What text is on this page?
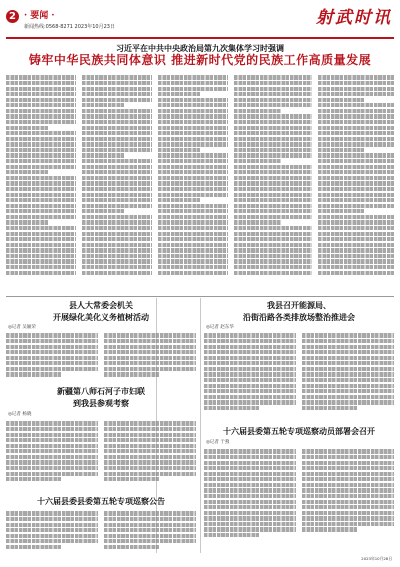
2 · 要闻 ·
新闻热线:0568-8271 2023年10月23日	射武时讯
习近平在中共中央政治局第九次集体学习时强调
铸牢中华民族共同体意识 推进新时代党的民族工作高质量发展
县人大常委会机关
开展绿化美化义务植树活动
◎记者 吴颖荣
新疆第八师石河子市妇联
到我县参观考察
◎记者 杨晓
十六届县委县委第五轮专项巡察公告
我县召开能源局、
沿街沿路各类排放场整治推进会
◎记者 赵东华
十六届县委第五轮专项巡察动员部署会召开
◎记者 于燕
2023年10月28日
